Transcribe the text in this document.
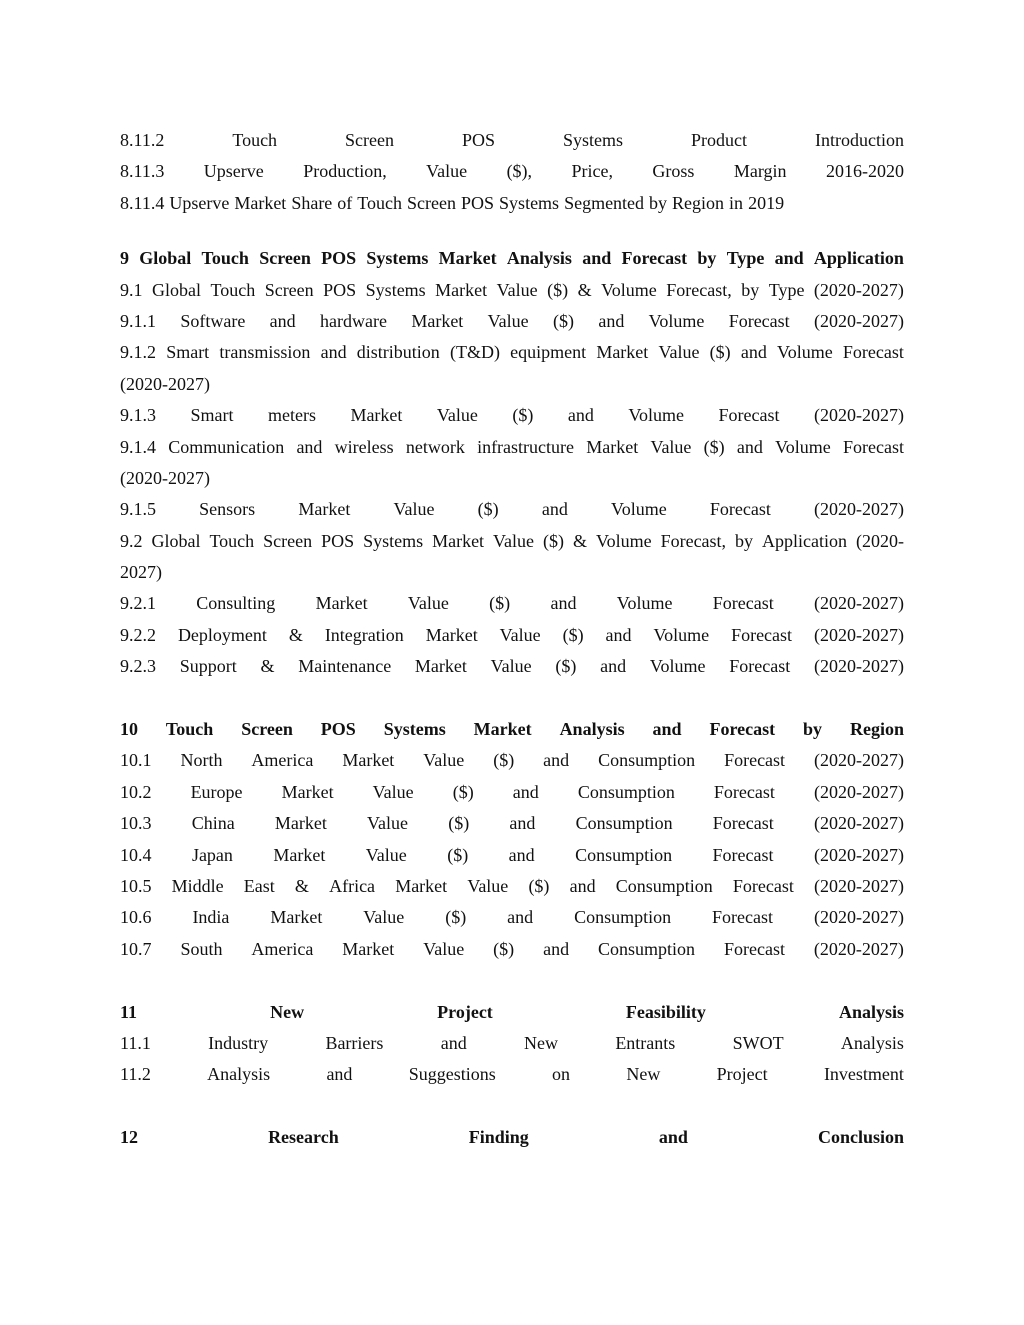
8.11.2	Touch	Screen	POS	Systems	Product	Introduction
8.11.3 Upserve Production, Value ($), Price, Gross Margin 2016-2020
8.11.4 Upserve Market Share of Touch Screen POS Systems Segmented by Region in 2019
9 Global Touch Screen POS Systems Market Analysis and Forecast by Type and Application
9.1 Global Touch Screen POS Systems Market Value ($) & Volume Forecast, by Type (2020-2027)
9.1.1 Software and hardware Market Value ($) and Volume Forecast (2020-2027)
9.1.2 Smart transmission and distribution (T&D) equipment Market Value ($) and Volume Forecast
(2020-2027)
9.1.3 Smart meters Market Value ($) and Volume Forecast (2020-2027)
9.1.4 Communication and wireless network infrastructure Market Value ($) and Volume Forecast
(2020-2027)
9.1.5 Sensors Market Value ($) and Volume Forecast (2020-2027)
9.2 Global Touch Screen POS Systems Market Value ($) & Volume Forecast, by Application (2020-
2027)
9.2.1 Consulting Market Value ($) and Volume Forecast (2020-2027)
9.2.2 Deployment & Integration Market Value ($) and Volume Forecast (2020-2027)
9.2.3 Support & Maintenance Market Value ($) and Volume Forecast (2020-2027)
10 Touch Screen POS Systems Market Analysis and Forecast by Region
10.1 North America Market Value ($) and Consumption Forecast (2020-2027)
10.2 Europe Market Value ($) and Consumption Forecast (2020-2027)
10.3 China Market Value ($) and Consumption Forecast (2020-2027)
10.4 Japan Market Value ($) and Consumption Forecast (2020-2027)
10.5 Middle East & Africa Market Value ($) and Consumption Forecast (2020-2027)
10.6 India Market Value ($) and Consumption Forecast (2020-2027)
10.7 South America Market Value ($) and Consumption Forecast (2020-2027)
11	New	Project	Feasibility	Analysis
11.1	Industry	Barriers	and	New	Entrants	SWOT	Analysis
11.2	Analysis	and	Suggestions	on	New	Project	Investment
12	Research	Finding	and	Conclusion
